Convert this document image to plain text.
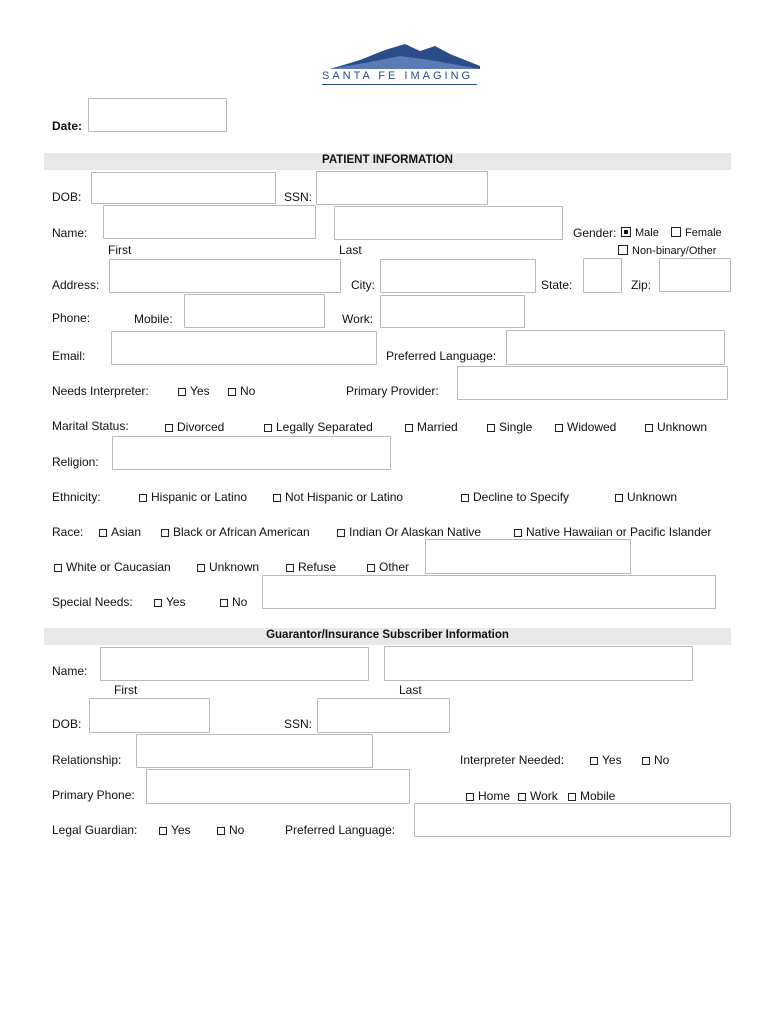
SANTA FE IMAGING
Date:
PATIENT INFORMATION
DOB:	SSN:
Name:
First	Last
Gender:	Male	Female
Non-binary/Other
Address:	City:	State:	Zip:
Phone:	Mobile:	Work:
Email:	Preferred Language:
Needs Interpreter:	Yes	No	Primary Provider:
Marital Status:	Divorced	Legally Separated	Married	Single	Widowed	Unknown
Religion:
Ethnicity:	Hispanic or Latino	Not Hispanic or Latino	Decline to Specify	Unknown
Race:	Asian	Black or African American	Indian Or Alaskan Native	Native Hawaiian or Pacific Islander
White or Caucasian	Unknown	Refuse	Other
Special Needs:	Yes	No
Guarantor/Insurance Subscriber Information
Name:
First	Last
DOB:	SSN:
Relationship:	Interpreter Needed:	Yes	No
Primary Phone:	Home	Work	Mobile
Legal Guardian:	Yes	No	Preferred Language:
